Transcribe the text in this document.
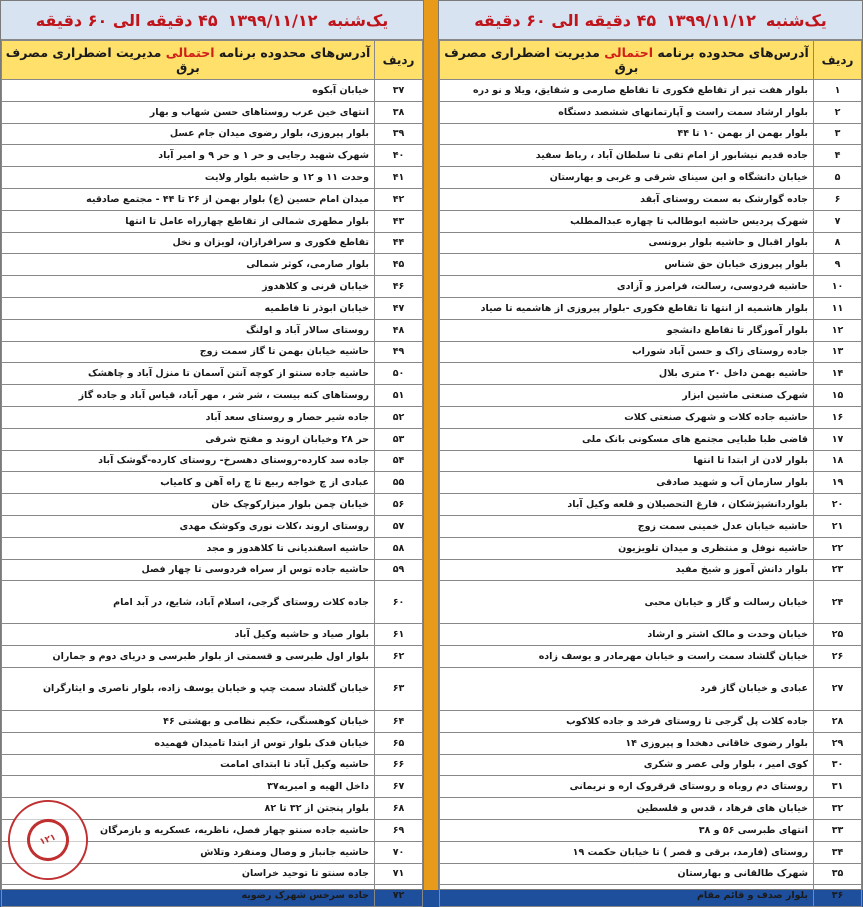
یک‌شنبه
۱۳۹۹/۱۱/۱۲
۴۵ دقیقه الی ۶۰ دقیقه
ردیف	آدرس‌های محدوده برنامه احتمالی مدیریت اضطراری مصرف برق
۱	بلوار هفت تیر از تقاطع فکوری تا تقاطع صارمی و شقایق، ویلا و نو دره
۲	بلوار ارشاد سمت راست و آپارتمانهای ششصد دستگاه
۳	بلوار بهمن از بهمن ۱۰ تا ۴۴
۴	جاده قدیم نیشابور از امام تقی تا سلطان آباد ، رباط سفید
۵	خیابان دانشگاه و ابن سینای شرقی و غربی و بهارستان
۶	جاده گوارشک به سمت روستای آبقد
۷	شهرک پردیس حاشیه ابوطالب تا چهاره عبدالمطلب
۸	بلوار اقبال و حاشیه بلوار برونسی
۹	بلوار پیروزی خیابان حق شناس
۱۰	حاشیه فردوسی، رسالت، فرامرز و آزادی
۱۱	بلوار هاشمیه از انتها تا تقاطع فکوری -بلوار پیروزی از هاشمیه تا صیاد
۱۲	بلوار آموزگار تا تقاطع دانشجو
۱۳	جاده روستای زاک و حسن آباد شوراب
۱۴	حاشیه بهمن داخل ۲۰ متری بلال
۱۵	شهرک صنعتی ماشین ابزار
۱۶	حاشیه جاده کلات و شهرک صنعتی کلات
۱۷	قاضی طبا طبایی مجتمع های مسکونی بانک ملی
۱۸	بلوار لادن از ابتدا تا انتها
۱۹	بلوار سازمان آب و شهید صادقی
۲۰	بلواردانشپژشکان ، فارغ التحصیلان و قلعه وکیل آباد
۲۱	حاشیه خیابان عدل خمینی سمت زوج
۲۲	حاشیه نوفل و منتظری و میدان تلویزیون
۲۳	بلوار دانش آموز و شیخ مفید
۲۴	خیابان رسالت و گاز و خیابان محبی
۲۵	خیابان وحدت و مالک اشتر و ارشاد
۲۶	خیابان گلشاد سمت راست و خیابان مهرمادر و یوسف زاده
۲۷	عبادی و خیابان گاز فرد
۲۸	جاده کلات پل گرجی تا روستای فرخد و جاده کلاکوب
۲۹	بلوار رضوی خاقانی دهخدا و پیروزی ۱۴
۳۰	کوی امیر ، بلوار ولی عصر و شکری
۳۱	روستای دم روباه و روستای قرقروک اره و نریمانی
۳۲	خیابان های فرهاد ، قدس و فلسطین
۳۳	انتهای طبرسی ۵۶ و ۳۸
۳۴	روستای (فارمد، برقی و قصر ) تا خیابان حکمت ۱۹
۳۵	شهرک طالقانی و بهارستان
۳۶	بلوار صدف و قائم مقام
یک‌شنبه
۱۳۹۹/۱۱/۱۲
۴۵ دقیقه الی ۶۰ دقیقه
ردیف	آدرس‌های محدوده برنامه احتمالی مدیریت اضطراری مصرف برق
۳۷	خیابان آبکوه
۳۸	انتهای خین عرب روستاهای حسن شهاب و بهار
۳۹	بلوار پیروزی، بلوار رضوی میدان جام عسل
۴۰	شهرک شهید رجایی و حر ۱ و حر ۹ و امیر آباد
۴۱	وحدت ۱۱ و ۱۲ و حاشیه بلوار ولایت
۴۲	میدان امام حسین (ع) بلوار بهمن از ۲۶ تا ۴۴ - مجتمع صادقیه
۴۳	بلوار مطهری شمالی از تقاطع چهارراه عامل تا انتها
۴۴	تقاطع فکوری و سرافرازان، لویزان و نخل
۴۵	بلوار صارمی، کوثر شمالی
۴۶	خیابان قرنی و کلاهدوز
۴۷	خیابان ابوذر تا فاطمیه
۴۸	روستای سالار آباد و اولنگ
۴۹	حاشیه خیابان بهمن تا گاز سمت زوج
۵۰	حاشیه جاده سنتو از کوچه آنتن آسمان تا منزل آباد و چاهشک
۵۱	روستاهای کنه بیست ، شر شر ، مهر آباد، قیاس آباد و جاده گاز
۵۲	جاده شیر حصار و روستای سعد آباد
۵۳	حر ۲۸ وخیابان اروند و مفتح شرقی
۵۴	جاده سد کارده-روستای دهسرخ- روستای کارده-گوشک آباد
۵۵	عبادی از چ خواجه ربیع تا چ راه آهن و کامیاب
۵۶	خیابان چمن بلوار میزارکوچک خان
۵۷	روستای اروند ،کلات نوری وکوشک مهدی
۵۸	حاشیه اسفندیانی تا کلاهدوز و مجد
۵۹	حاشیه جاده توس از سراه فردوسی تا چهار فصل
۶۰	جاده کلات روستای گرجی، اسلام آباد، شایع، در آبد امام
۶۱	بلوار صیاد و حاشیه وکیل آباد
۶۲	بلوار اول طبرسی و قسمتی از بلوار طبرسی و دریای دوم و جماران
۶۳	خیابان گلشاد سمت چپ و خیابان یوسف زاده، بلوار ناصری و ایثارگران
۶۴	خیابان کوهسنگی، حکیم نظامی و بهشتی ۴۶
۶۵	خیابان فدک بلوار توس از ابتدا تامیدان فهمیده
۶۶	حاشیه وکیل آباد تا ابتدای امامت
۶۷	داخل الهیه و امیریه۳۷
۶۸	بلوار پنجتن از ۳۲ تا ۸۲
۶۹	حاشیه جاده سنتو چهار فصل، ناظریه، عسکریه و بازمرگان
۷۰	حاشیه جانباز و وصال ومنفرد وتلاش
۷۱	جاده سنتو تا توحید خراسان
۷۲	جاده سرخس شهرک رضویه
۱۲۱
